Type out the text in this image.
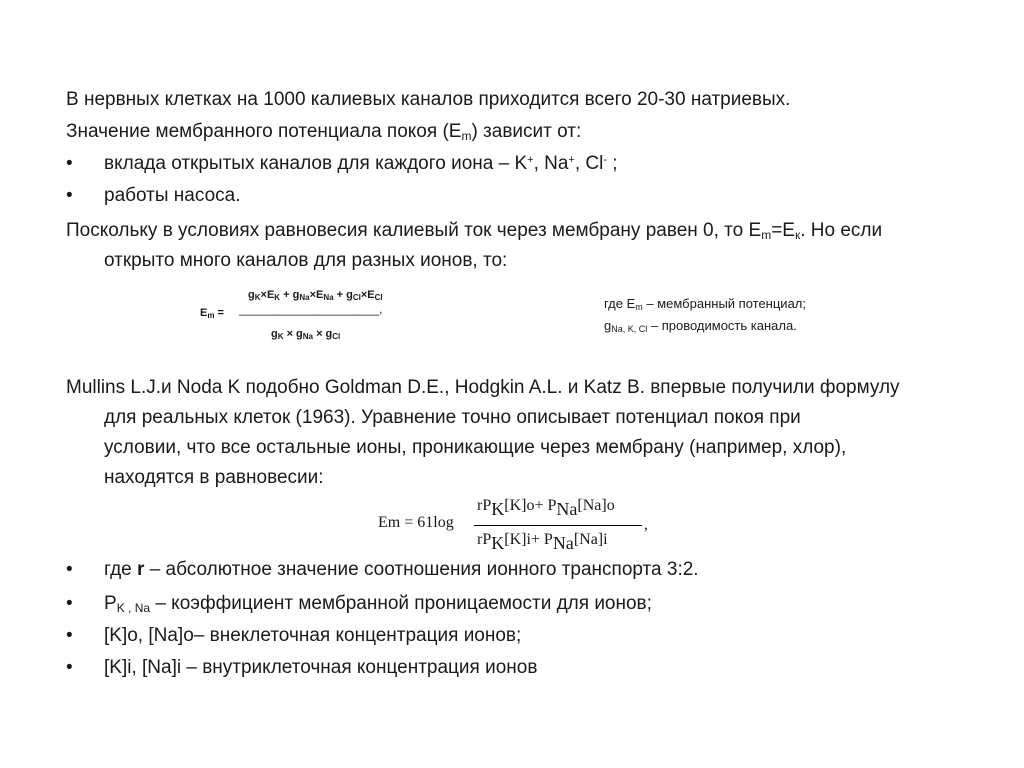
В нервных клетках на 1000 калиевых каналов приходится всего 20-30 натриевых.
Значение мембранного потенциала покоя $(E_m)$ зависит от:
• вклада открытых каналов для каждого иона – K+, Na+, Cl- ;
• работы насоса.
Поскольку в условиях равновесия калиевый ток через мембрану равен 0, то $E_m=E_к$. Но если
открыто много каналов для разных ионов, то:
$g_K\times E_K + g_{Na}\times E_{Na} + g_{Cl}\times E_{Cl}$
$E_m$ = _____________________,
$g_K \times g_{Na} \times g_{Cl}$
где $E_m$ – мембранный потенциал;
$g_{Na, K, Cl}$ – проводимость канала.
Mullins L.J.и Noda K подобно Goldman D.E., Hodgkin A.L. и Katz B. впервые получили формулу
для реальных клеток (1963). Уравнение точно описывает потенциал покоя при
условии, что все остальные ионы, проникающие через мембрану (например, хлор),
находятся в равновесии:
Em = 61log
rPK[K]o+ PNa[Na]o
rPK[K]i+ PNa[Na]i
,
• где r – абсолютное значение соотношения ионного транспорта 3:2.
• $P_{K , Na}$ – коэффициент мембранной проницаемости для ионов;
• [K]o, [Na]o– внеклеточная концентрация ионов;
• [K]i, [Na]i – внутриклеточная концентрация ионов
